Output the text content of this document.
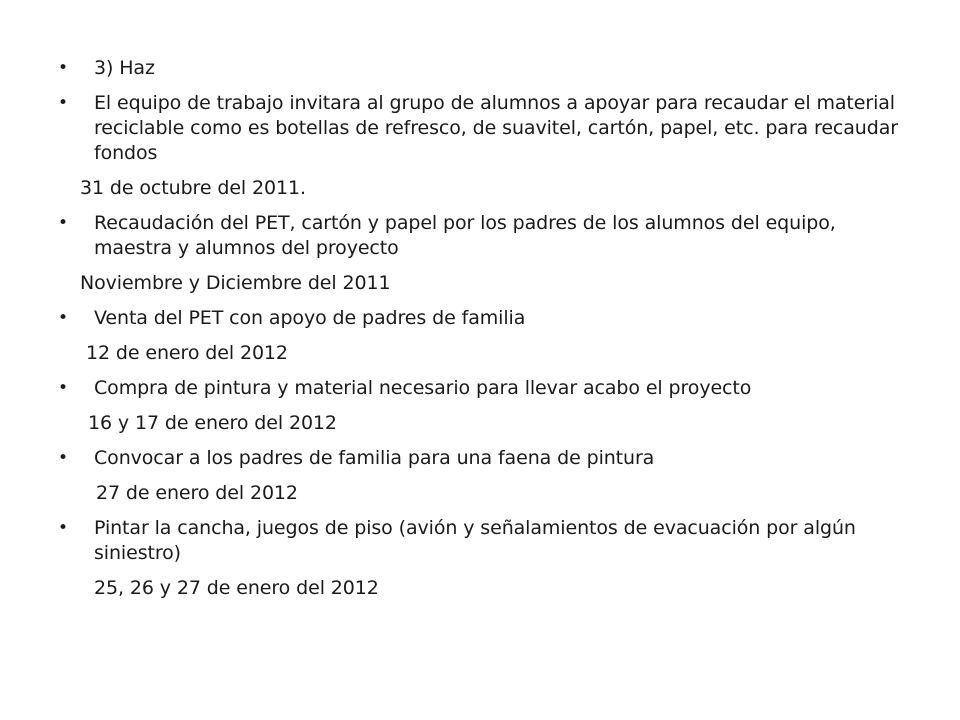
•	3) Haz
•	El equipo de trabajo invitara al grupo de alumnos a apoyar para recaudar el material reciclable como es botellas de refresco, de suavitel, cartón, papel, etc. para recaudar fondos
31 de octubre del 2011.
•	Recaudación del PET, cartón y papel por los padres de los alumnos del equipo, maestra y alumnos del proyecto
Noviembre y Diciembre del 2011
•	Venta del PET con apoyo de padres de familia
12 de enero del 2012
•	Compra de pintura y material necesario para llevar acabo el proyecto
16 y 17 de enero del 2012
•	Convocar a los padres de familia para una faena de pintura
27 de enero del 2012
•	Pintar la cancha, juegos de piso (avión y señalamientos de evacuación por algún siniestro)
25, 26 y 27 de enero del 2012
